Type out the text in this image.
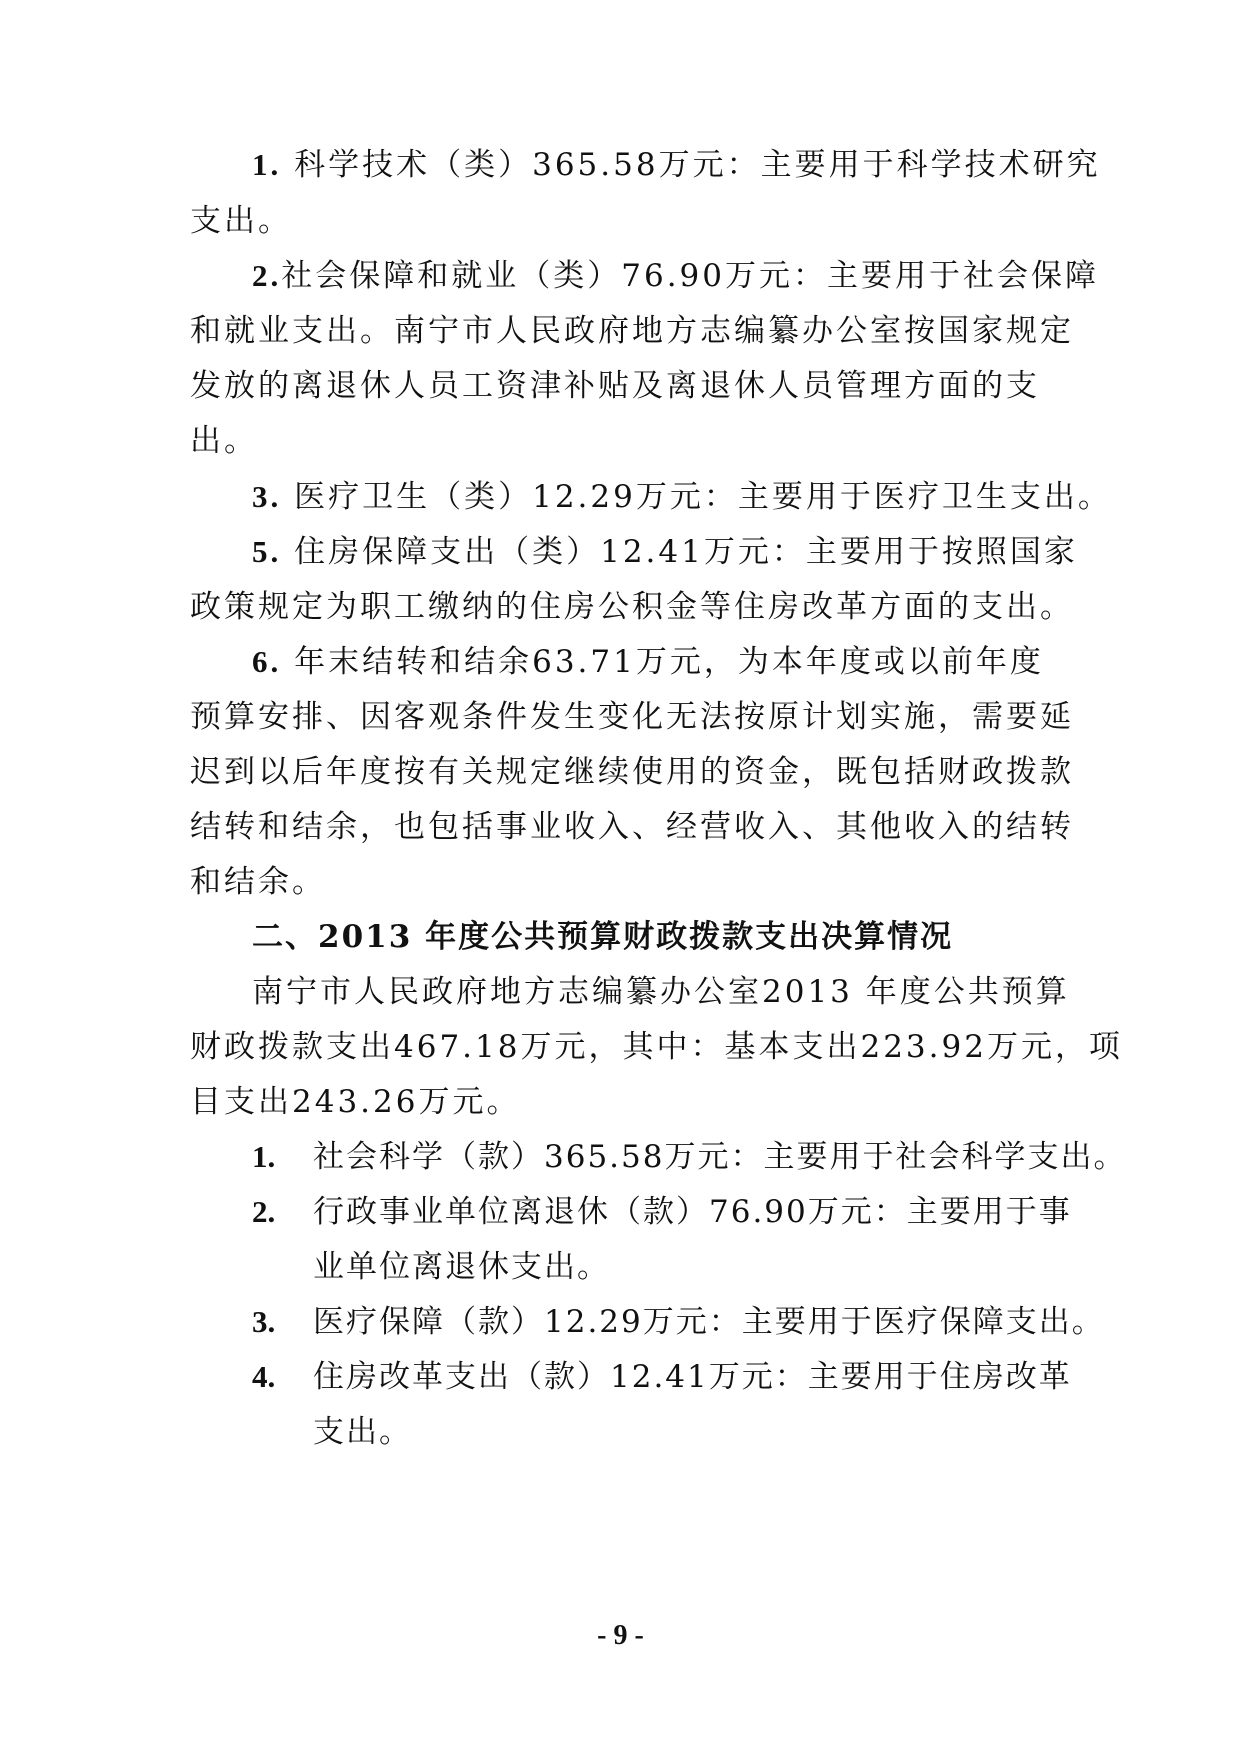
1. 科学技术（类）365.58万元：主要用于科学技术研究
支出。
2.社会保障和就业（类）76.90万元：主要用于社会保障
和就业支出。南宁市人民政府地方志编纂办公室按国家规定
发放的离退休人员工资津补贴及离退休人员管理方面的支
出。
3. 医疗卫生（类）12.29万元：主要用于医疗卫生支出。
5. 住房保障支出（类）12.41万元：主要用于按照国家
政策规定为职工缴纳的住房公积金等住房改革方面的支出。
6. 年末结转和结余63.71万元，为本年度或以前年度
预算安排、因客观条件发生变化无法按原计划实施，需要延
迟到以后年度按有关规定继续使用的资金，既包括财政拨款
结转和结余，也包括事业收入、经营收入、其他收入的结转
和结余。
二、2013 年度公共预算财政拨款支出决算情况
南宁市人民政府地方志编纂办公室2013 年度公共预算
财政拨款支出467.18万元，其中：基本支出223.92万元，项
目支出243.26万元。
1.	社会科学（款）365.58万元：主要用于社会科学支出。
2.	行政事业单位离退休（款）76.90万元：主要用于事
业单位离退休支出。
3.	医疗保障（款）12.29万元：主要用于医疗保障支出。
4.	住房改革支出（款）12.41万元：主要用于住房改革
支出。
- 9 -
